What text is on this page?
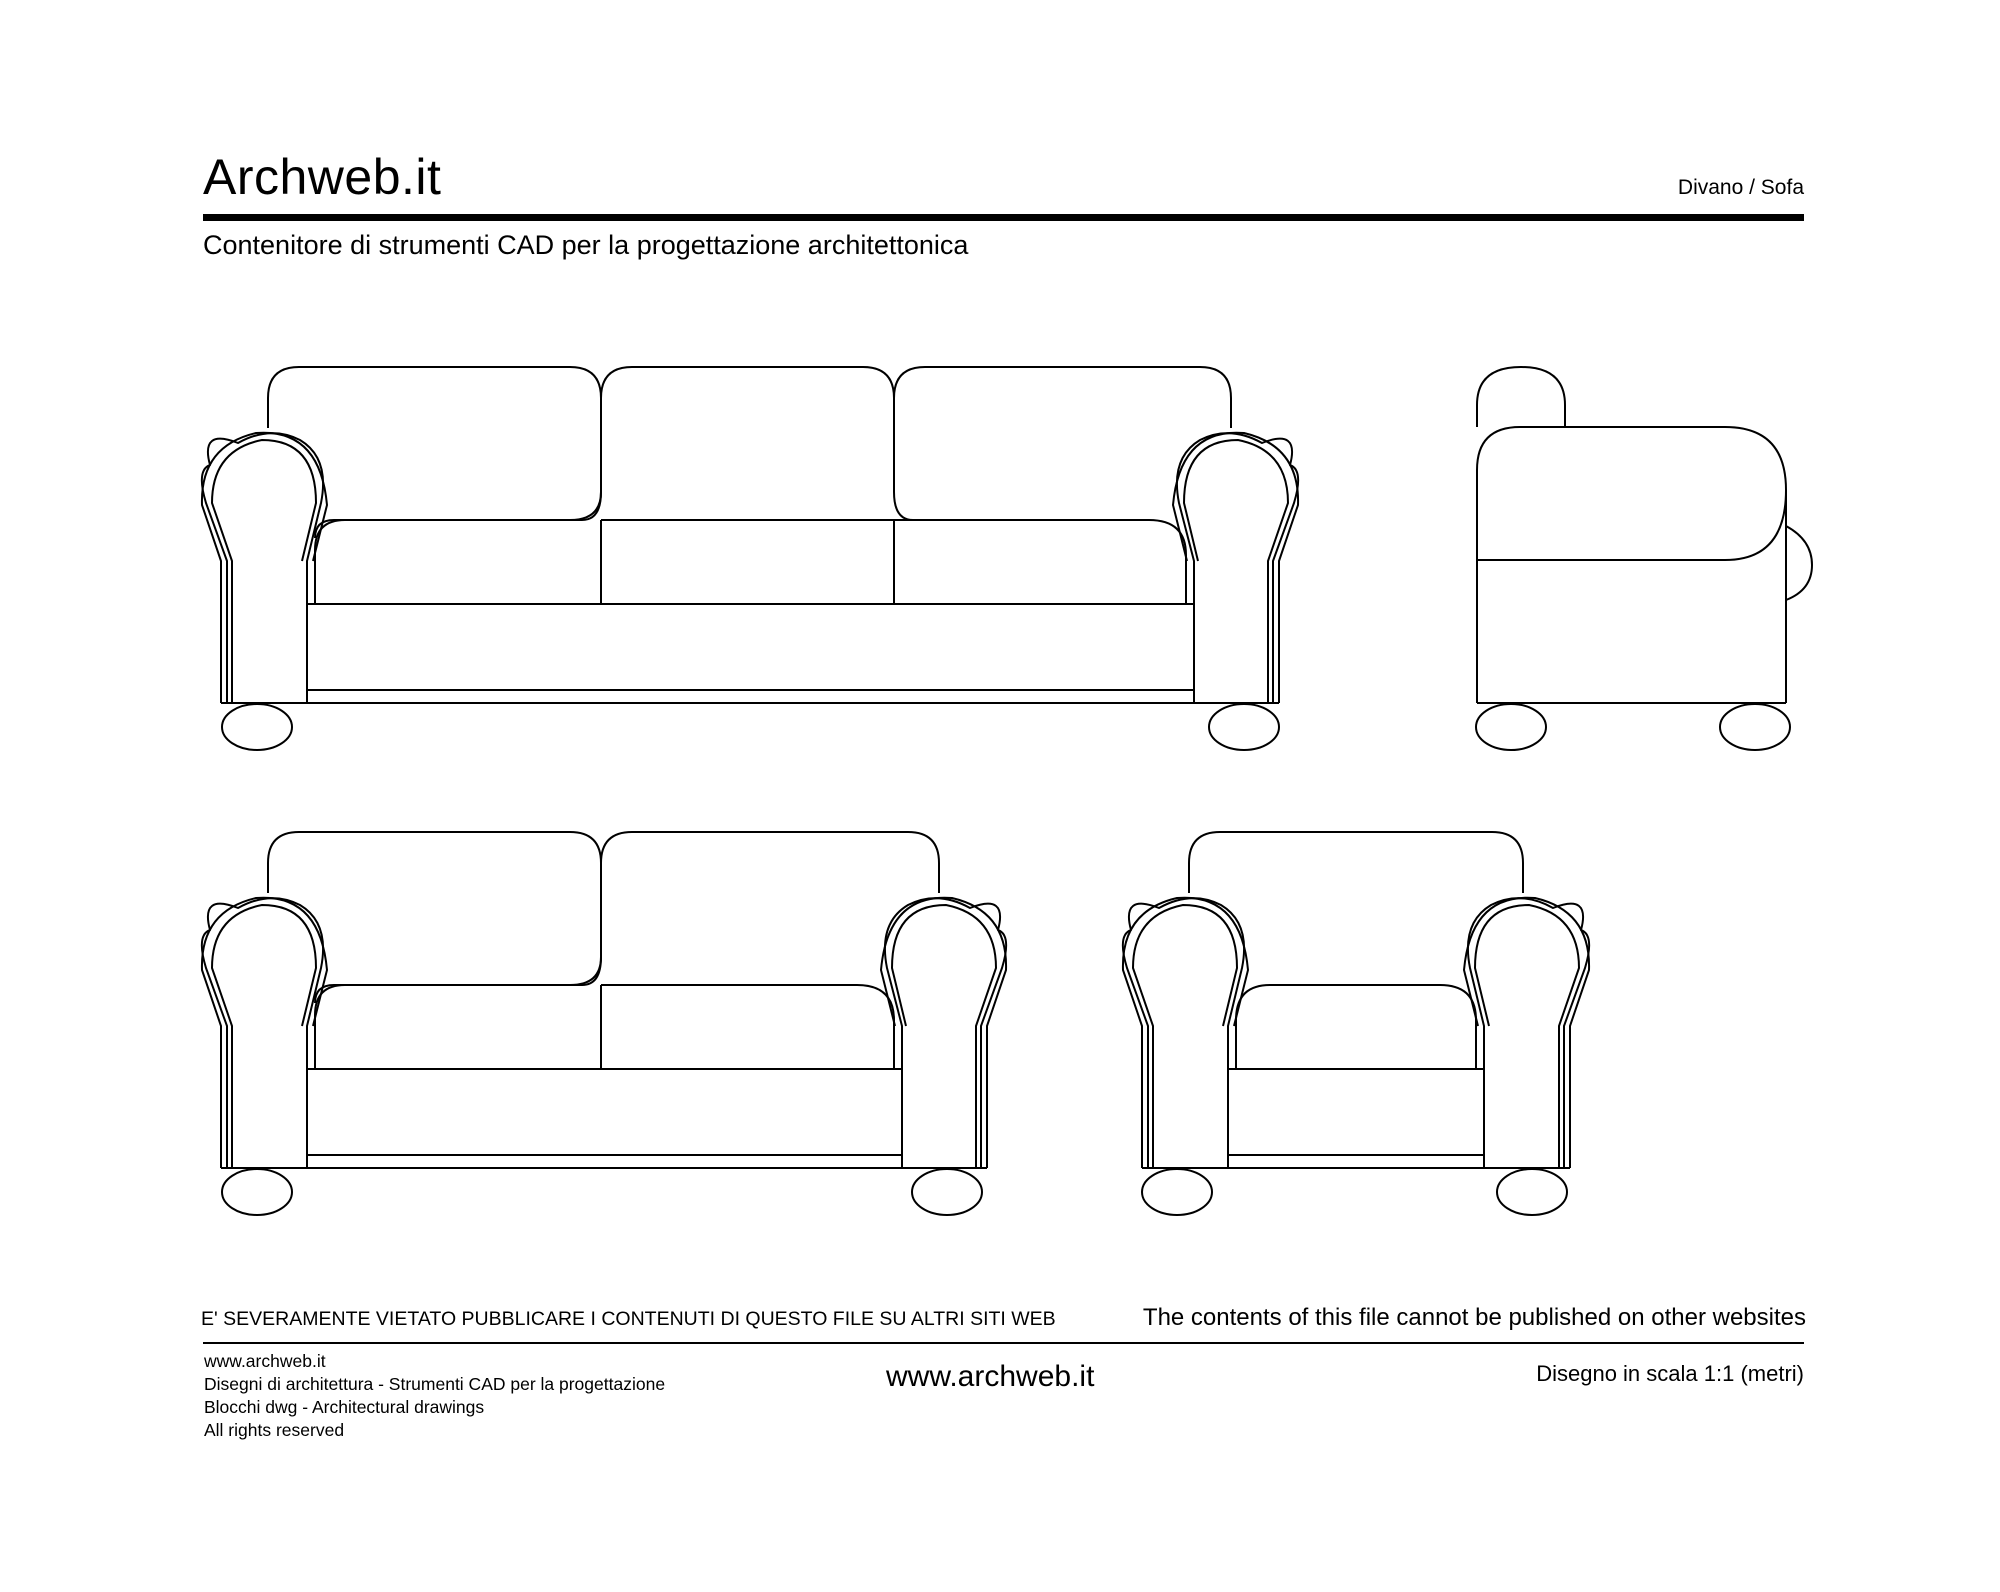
Archweb.it	Divano / Sofa
Contenitore di strumenti CAD per la progettazione architettonica
E' SEVERAMENTE VIETATO PUBBLICARE I CONTENUTI DI QUESTO FILE SU ALTRI SITI WEB	The contents of this file cannot be published on other websites
www.archweb.it
Disegni di architettura - Strumenti CAD per la progettazione
Blocchi dwg - Architectural drawings
All rights reserved
www.archweb.it	Disegno in scala 1:1 (metri)
